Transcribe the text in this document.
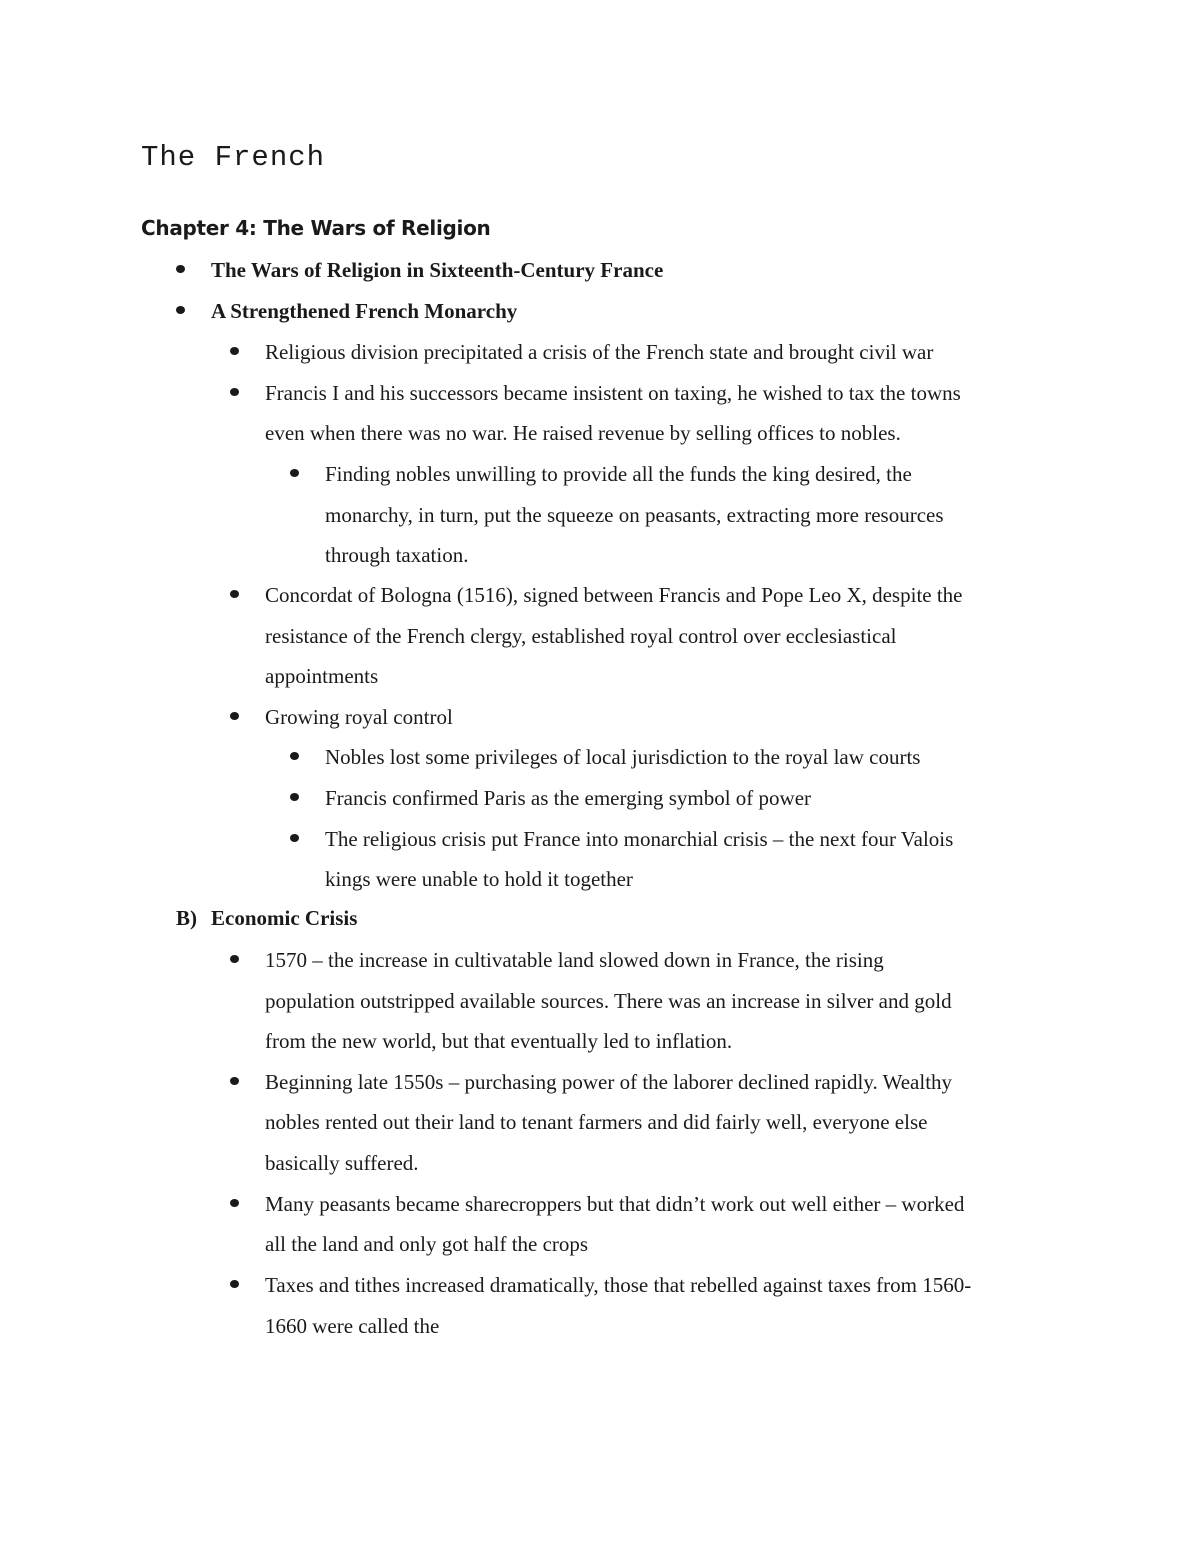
The French
Chapter 4: The Wars of Religion
The Wars of Religion in Sixteenth-Century France
A Strengthened French Monarchy
Religious division precipitated a crisis of the French state and brought civil war
Francis I and his successors became insistent on taxing, he wished to tax the towns
even when there was no war. He raised revenue by selling offices to nobles.
Finding nobles unwilling to provide all the funds the king desired, the
monarchy, in turn, put the squeeze on peasants, extracting more resources
through taxation.
Concordat of Bologna (1516), signed between Francis and Pope Leo X, despite the
resistance of the French clergy, established royal control over ecclesiastical
appointments
Growing royal control
Nobles lost some privileges of local jurisdiction to the royal law courts
Francis confirmed Paris as the emerging symbol of power
The religious crisis put France into monarchial crisis – the next four Valois
kings were unable to hold it together
B) Economic Crisis
1570 – the increase in cultivatable land slowed down in France, the rising
population outstripped available sources. There was an increase in silver and gold
from the new world, but that eventually led to inflation.
Beginning late 1550s – purchasing power of the laborer declined rapidly. Wealthy
nobles rented out their land to tenant farmers and did fairly well, everyone else
basically suffered.
Many peasants became sharecroppers but that didn’t work out well either – worked
all the land and only got half the crops
Taxes and tithes increased dramatically, those that rebelled against taxes from 1560-
1660 were called the
